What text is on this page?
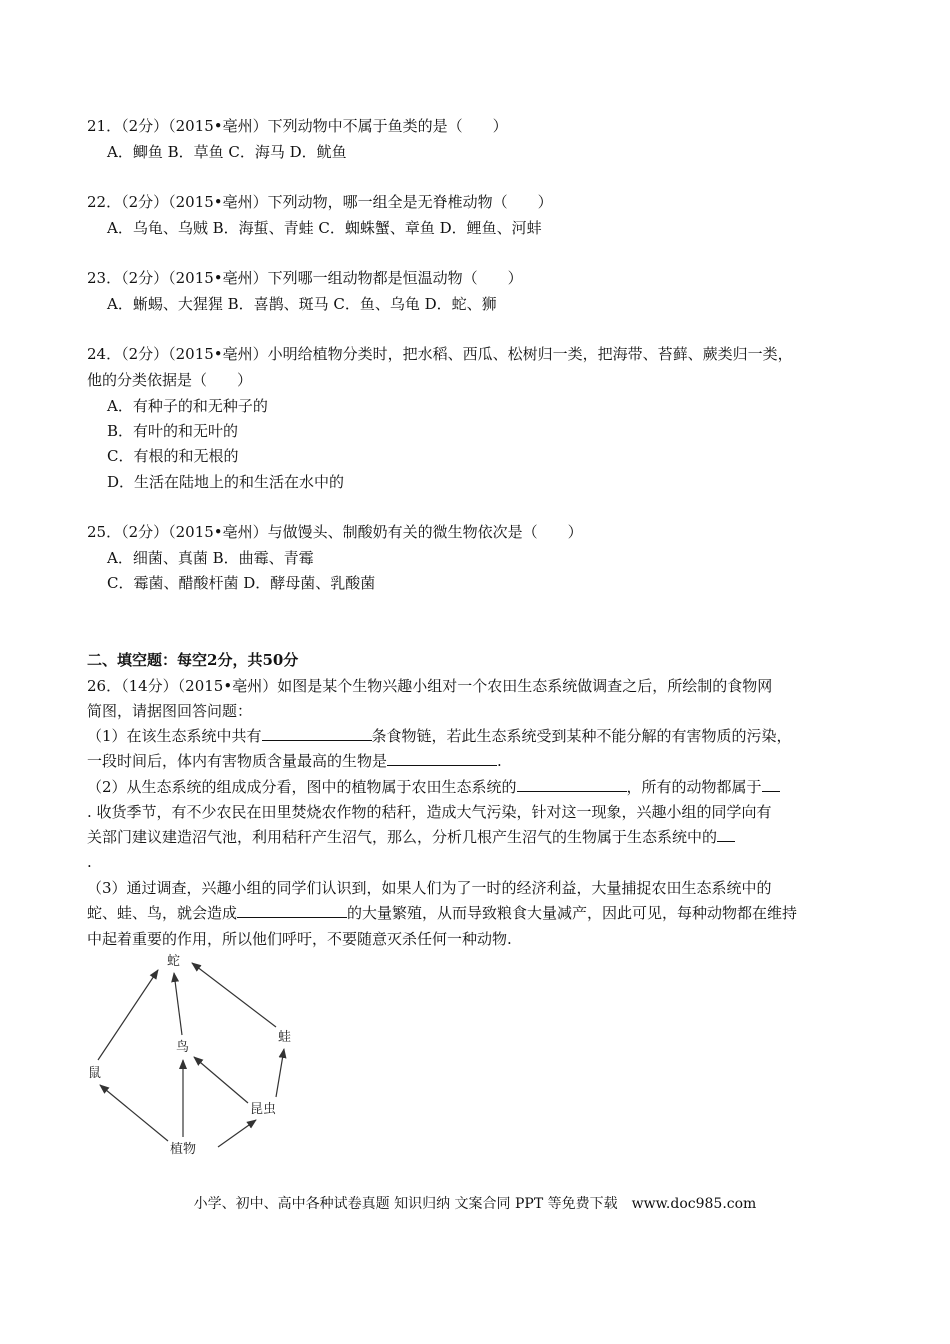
21．（2分）（2015•亳州）下列动物中不属于鱼类的是（　　）
A．鲫鱼 B．草鱼 C．海马 D．鱿鱼
22．（2分）（2015•亳州）下列动物，哪一组全是无脊椎动物（　　）
A．乌龟、乌贼 B．海蜇、青蛙 C．蜘蛛蟹、章鱼 D．鲤鱼、河蚌
23．（2分）（2015•亳州）下列哪一组动物都是恒温动物（　　）
A．蜥蜴、大猩猩 B．喜鹊、斑马 C．鱼、乌龟 D．蛇、狮
24．（2分）（2015•亳州）小明给植物分类时，把水稻、西瓜、松树归一类，把海带、苔藓、蕨类归一类，
他的分类依据是（　　）
A．有种子的和无种子的
B．有叶的和无叶的
C．有根的和无根的
D．生活在陆地上的和生活在水中的
25．（2分）（2015•亳州）与做馒头、制酸奶有关的微生物依次是（　　）
A．细菌、真菌 B．曲霉、青霉
C．霉菌、醋酸杆菌 D．酵母菌、乳酸菌
二、填空题：每空2分，共50分
26．（14分）（2015•亳州）如图是某个生物兴趣小组对一个农田生态系统做调查之后，所绘制的食物网
简图，请据图回答问题：
（1）在该生态系统中共有	条食物链，若此生态系统受到某种不能分解的有害物质的污染，
一段时间后，体内有害物质含量最高的生物是	.
（2）从生态系统的组成成分看，图中的植物属于农田生态系统的	，所有的动物都属于
. 收货季节，有不少农民在田里焚烧农作物的秸秆，造成大气污染，针对这一现象，兴趣小组的同学向有
关部门建议建造沼气池，利用秸秆产生沼气，那么，分析几根产生沼气的生物属于生态系统中的
.
（3）通过调查，兴趣小组的同学们认识到，如果人们为了一时的经济利益，大量捕捉农田生态系统中的
蛇、蛙、鸟，就会造成	的大量繁殖，从而导致粮食大量减产，因此可见，每种动物都在维持
中起着重要的作用，所以他们呼吁，不要随意灭杀任何一种动物.
蛇
鸟
蛙
鼠
昆虫
植物
小学、初中、高中各种试卷真题 知识归纳 文案合同 PPT 等免费下载　www.doc985.com
